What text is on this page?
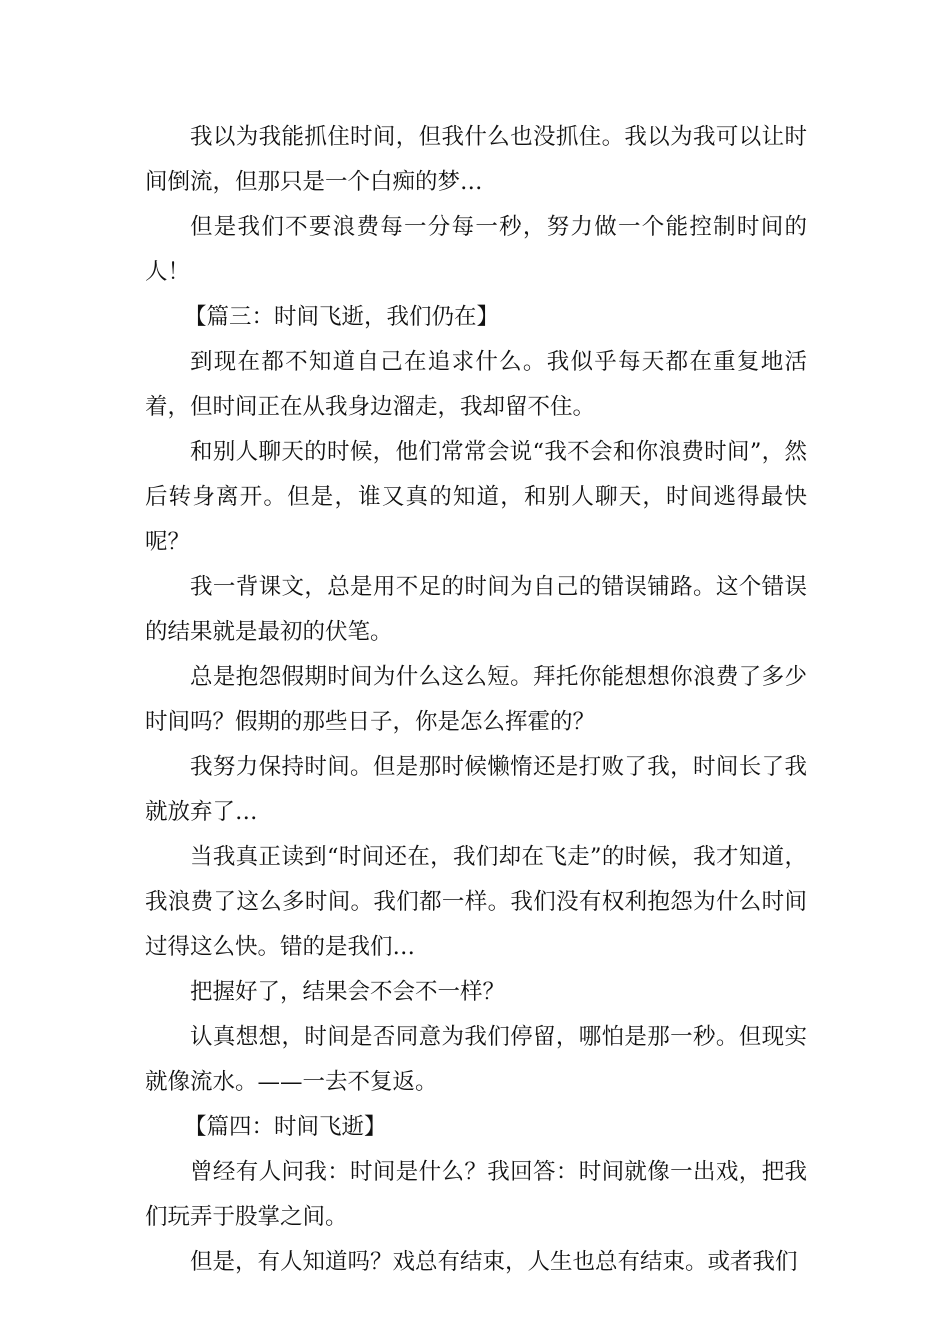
我以为我能抓住时间，但我什么也没抓住。我以为我可以让时间倒流，但那只是一个白痴的梦…

但是我们不要浪费每一分每一秒，努力做一个能控制时间的人！

【篇三：时间飞逝，我们仍在】

到现在都不知道自己在追求什么。我似乎每天都在重复地活着，但时间正在从我身边溜走，我却留不住。

和别人聊天的时候，他们常常会说“我不会和你浪费时间”，然后转身离开。但是，谁又真的知道，和别人聊天，时间逃得最快呢？

我一背课文，总是用不足的时间为自己的错误铺路。这个错误的结果就是最初的伏笔。

总是抱怨假期时间为什么这么短。拜托你能想想你浪费了多少时间吗？假期的那些日子，你是怎么挥霍的？

我努力保持时间。但是那时候懒惰还是打败了我，时间长了我就放弃了…

当我真正读到“时间还在，我们却在飞走”的时候，我才知道，我浪费了这么多时间。我们都一样。我们没有权利抱怨为什么时间过得这么快。错的是我们…

把握好了，结果会不会不一样？

认真想想，时间是否同意为我们停留，哪怕是那一秒。但现实就像流水。——一去不复返。

【篇四：时间飞逝】

曾经有人问我：时间是什么？我回答：时间就像一出戏，把我们玩弄于股掌之间。

但是，有人知道吗？戏总有结束，人生也总有结束。或者我们
